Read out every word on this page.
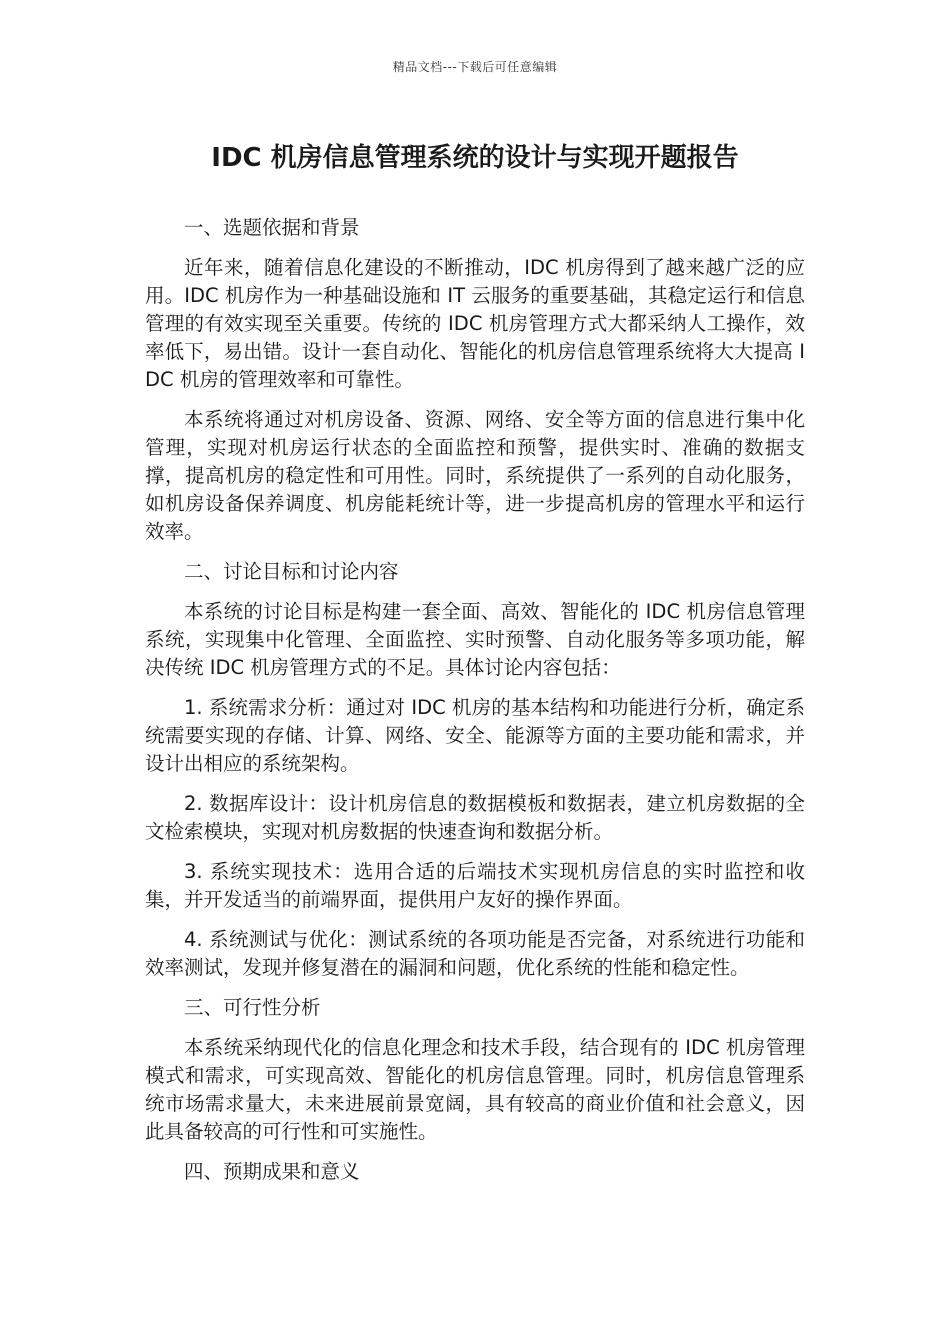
精品文档---下载后可任意编辑
IDC 机房信息管理系统的设计与实现开题报告

一、选题依据和背景

近年来，随着信息化建设的不断推动，IDC 机房得到了越来越广泛的应用。IDC 机房作为一种基础设施和 IT 云服务的重要基础，其稳定运行和信息管理的有效实现至关重要。传统的 IDC 机房管理方式大都采纳人工操作，效率低下，易出错。设计一套自动化、智能化的机房信息管理系统将大大提高 IDC 机房的管理效率和可靠性。

本系统将通过对机房设备、资源、网络、安全等方面的信息进行集中化管理，实现对机房运行状态的全面监控和预警，提供实时、准确的数据支撑，提高机房的稳定性和可用性。同时，系统提供了一系列的自动化服务，如机房设备保养调度、机房能耗统计等，进一步提高机房的管理水平和运行效率。

二、讨论目标和讨论内容

本系统的讨论目标是构建一套全面、高效、智能化的 IDC 机房信息管理系统，实现集中化管理、全面监控、实时预警、自动化服务等多项功能，解决传统 IDC 机房管理方式的不足。具体讨论内容包括：

1. 系统需求分析：通过对 IDC 机房的基本结构和功能进行分析，确定系统需要实现的存储、计算、网络、安全、能源等方面的主要功能和需求，并设计出相应的系统架构。

2. 数据库设计：设计机房信息的数据模板和数据表，建立机房数据的全文检索模块，实现对机房数据的快速查询和数据分析。

3. 系统实现技术：选用合适的后端技术实现机房信息的实时监控和收集，并开发适当的前端界面，提供用户友好的操作界面。

4. 系统测试与优化：测试系统的各项功能是否完备，对系统进行功能和效率测试，发现并修复潜在的漏洞和问题，优化系统的性能和稳定性。

三、可行性分析

本系统采纳现代化的信息化理念和技术手段，结合现有的 IDC 机房管理模式和需求，可实现高效、智能化的机房信息管理。同时，机房信息管理系统市场需求量大，未来进展前景宽阔，具有较高的商业价值和社会意义，因此具备较高的可行性和可实施性。

四、预期成果和意义
